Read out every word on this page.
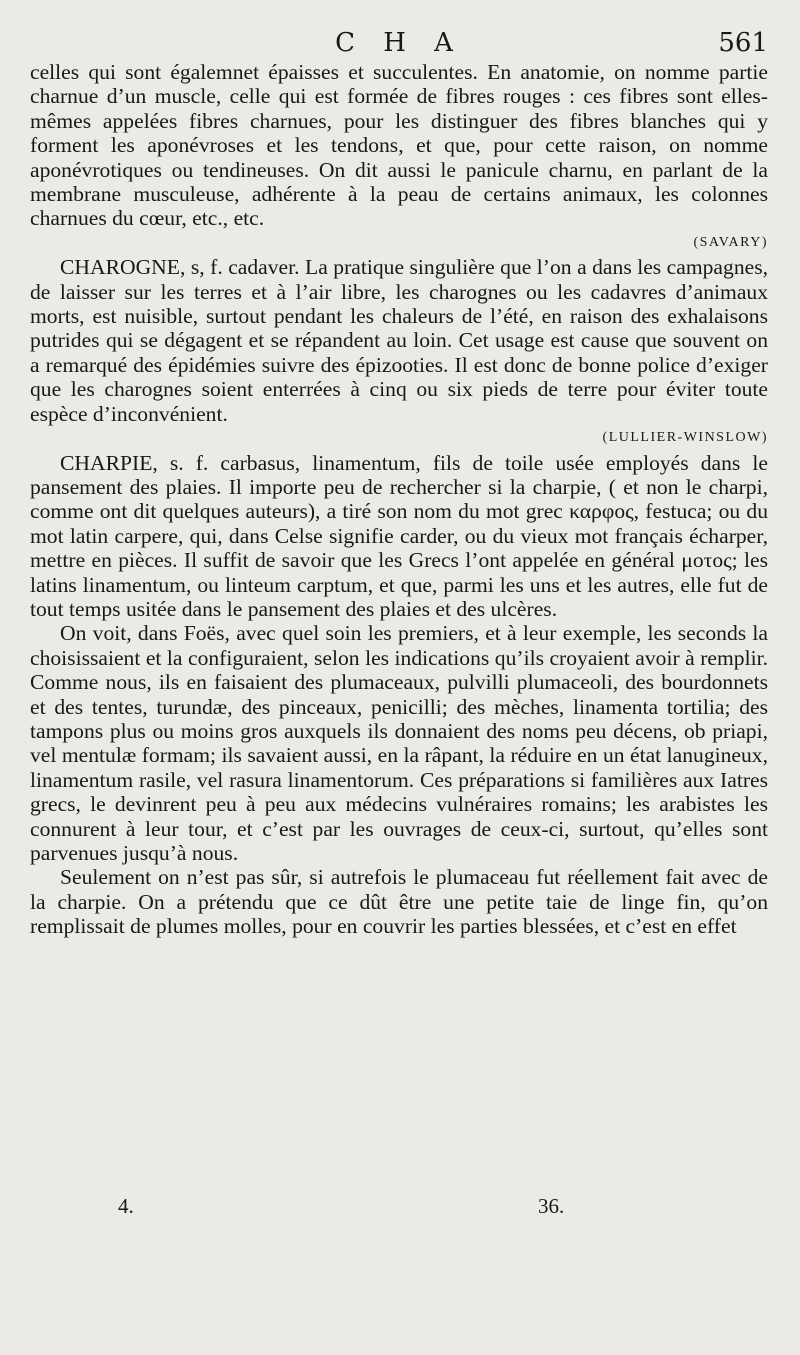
C H A	561

celles qui sont égalemnet épaisses et succulentes. En anatomie, on nomme partie charnue d’un muscle, celle qui est formée de fibres rouges : ces fibres sont elles-mêmes appelées fibres charnues, pour les distinguer des fibres blanches qui y forment les aponévroses et les tendons, et que, pour cette raison, on nomme aponévrotiques ou tendineuses. On dit aussi le panicule charnu, en parlant de la membrane musculeuse, adhérente à la peau de certains animaux, les colonnes charnues du cœur, etc., etc.

(SAVARY)

CHAROGNE, s, f. cadaver. La pratique singulière que l’on a dans les campagnes, de laisser sur les terres et à l’air libre, les charognes ou les cadavres d’animaux morts, est nuisible, surtout pendant les chaleurs de l’été, en raison des exhalaisons putrides qui se dégagent et se répandent au loin. Cet usage est cause que souvent on a remarqué des épidémies suivre des épizooties. Il est donc de bonne police d’exiger que les charognes soient enterrées à cinq ou six pieds de terre pour éviter toute espèce d’inconvénient.

(LULLIER-WINSLOW)

CHARPIE, s. f. carbasus, linamentum, fils de toile usée employés dans le pansement des plaies. Il importe peu de rechercher si la charpie, ( et non le charpi, comme ont dit quelques auteurs), a tiré son nom du mot grec καρφος, festuca; ou du mot latin carpere, qui, dans Celse signifie carder, ou du vieux mot français écharper, mettre en pièces. Il suffit de savoir que les Grecs l’ont appelée en général μοτος; les latins linamentum, ou linteum carptum, et que, parmi les uns et les autres, elle fut de tout temps usitée dans le pansement des plaies et des ulcères.

On voit, dans Foës, avec quel soin les premiers, et à leur exemple, les seconds la choisissaient et la configuraient, selon les indications qu’ils croyaient avoir à remplir. Comme nous, ils en faisaient des plumaceaux, pulvilli plumaceoli, des bourdonnets et des tentes, turundæ, des pinceaux, penicilli; des mèches, linamenta tortilia; des tampons plus ou moins gros auxquels ils donnaient des noms peu décens, ob priapi, vel mentulæ formam; ils savaient aussi, en la râpant, la réduire en un état lanugineux, linamentum rasile, vel rasura linamentorum. Ces préparations si familières aux Iatres grecs, le devinrent peu à peu aux médecins vulnéraires romains; les arabistes les connurent à leur tour, et c’est par les ouvrages de ceux-ci, surtout, qu’elles sont parvenues jusqu’à nous.

Seulement on n’est pas sûr, si autrefois le plumaceau fut réellement fait avec de la charpie. On a prétendu que ce dût être une petite taie de linge fin, qu’on remplissait de plumes molles, pour en couvrir les parties blessées, et c’est en effet

4.	36.
